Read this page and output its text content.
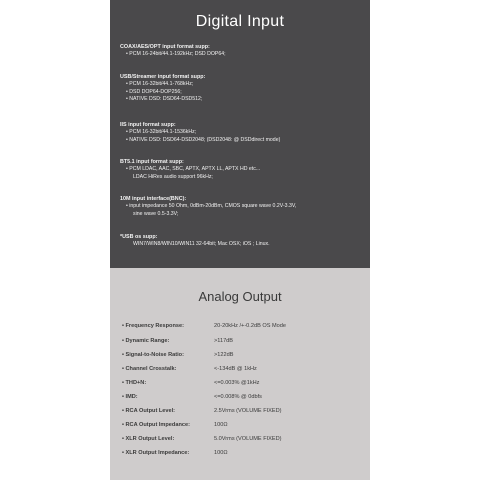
Digital Input
COAX/AES/OPT input format supp:
• PCM 16-24bit/44.1-192kHz; DSD DOP64;
USB/Streamer input format supp:
• PCM 16-32bit/44.1-768kHz;
• DSD DOP64-DOP256;
• NATIVE DSD: DSD64-DSD512;
IIS input format supp:
• PCM 16-32bit/44.1-1536kHz;
• NATIVE DSD: DSD64-DSD2048; (DSD2048: @ DSDdirect mode)
BT5.1 input format supp:
• PCM LDAC, AAC, SBC, APTX, APTX LL, APTX HD etc...
LDAC HiRes audio support 96kHz;
10M input interface(BNC):
• input impedance 50 Ohm, 0dBm-20dBm, CMOS square wave 0.2V-3.3V,
sine wave 0.5-3.3V;
*USB os supp:
WIN7/WIN8/WIN10/WIN11 32-64bit; Mac OSX; iOS ; Linux.
Analog Output
• Frequency Response:	20-20kHz /+-0.2dB OS Mode
• Dynamic Range:	>117dB
• Signal-to-Noise Ratio:	>122dB
• Channel Crosstalk:	<-134dB @ 1kHz
• THD+N:	<=0.003% @1kHz
• IMD:	<=0.008% @ 0dbfs
• RCA Output Level:	2.5Vrms (VOLUME FIXED)
• RCA Output Impedance:	100Ω
• XLR Output Level:	5.0Vrms (VOLUME FIXED)
• XLR Output Impedance:	100Ω
